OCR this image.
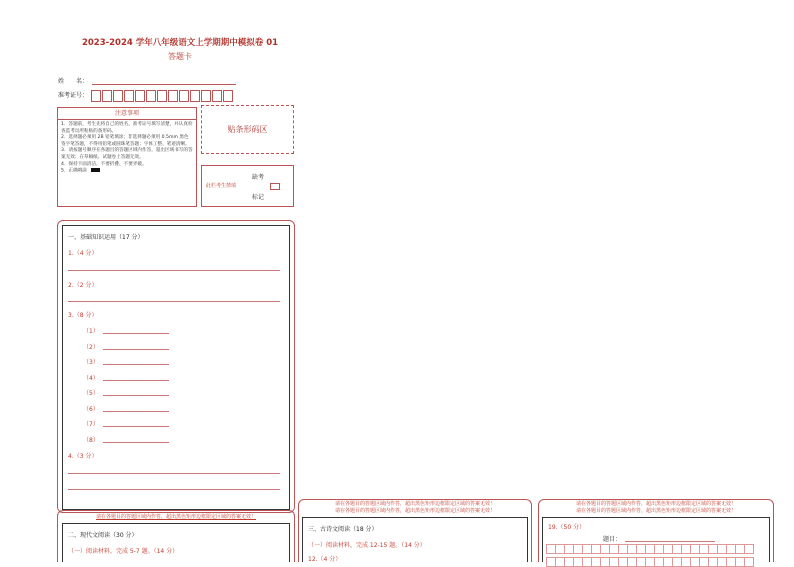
2023-2024 学年八年级语文上学期期中模拟卷 01
答题卡
姓　　名：
准考证号：
注意事项
1．答题前，考生先将自己的姓名，准考证号填写清楚，并认真检查监考员所粘贴的条形码。
2．选择题必须用 2B 铅笔填涂；非选择题必须用 0.5mm 黑色签字笔答题，不得用铅笔或圆珠笔答题；字体工整、笔迹清晰。
3．请按题号顺序在各题目的答题区域内作答，超出区域书写的答案无效；在草稿纸、试题卷上答题无效。
4．保持卡面清洁，不要折叠、不要弄破。
5．正确填涂
贴条形码区
此栏考生禁填
缺考
标记
一、基础知识运用（17 分）
1.（4 分）
2.（2 分）
3.（8 分）
（1）
（2）
（3）
（4）
（5）
（6）
（7）
（8）
4.（3 分）
请在各题目的答题区域内作答，超出黑色矩形边框限定区域的答案无效！
二、现代文阅读（30 分）
（一）阅读材料，完成 5-7 题。（14 分）
请在各题目的答题区域内作答，超出黑色矩形边框限定区域的答案无效！
请在各题目的答题区域内作答，超出黑色矩形边框限定区域的答案无效！
三、古诗文阅读（18 分）
（一）阅读材料，完成 12-15 题。（14 分）
12.（4 分）
请在各题目的答题区域内作答，超出黑色矩形边框限定区域的答案无效！
请在各题目的答题区域内作答，超出黑色矩形边框限定区域的答案无效！
19.（50 分）
题目：
